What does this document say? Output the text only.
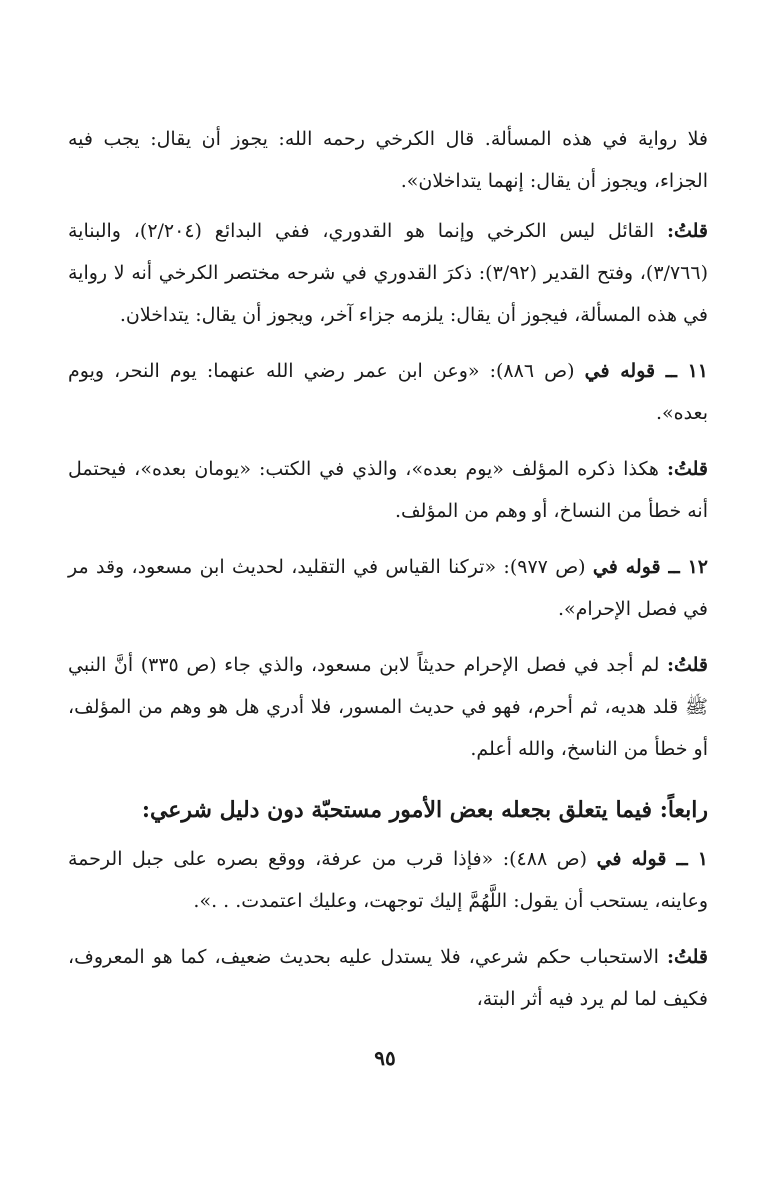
فلا رواية في هذه المسألة. قال الكرخي رحمه الله: يجوز أن يقال: يجب فيه الجزاء، ويجوز أن يقال: إنهما يتداخلان».

قلتُ: القائل ليس الكرخي وإنما هو القدوري، ففي البدائع (٢/٢٠٤)، والبناية (٣/٧٦٦)، وفتح القدير (٣/٩٢): ذكرَ القدوري في شرحه مختصر الكرخي أنه لا رواية في هذه المسألة، فيجوز أن يقال: يلزمه جزاء آخر، ويجوز أن يقال: يتداخلان.

١١ ــ قوله في (ص ٨٨٦): «وعن ابن عمر رضي الله عنهما: يوم النحر، ويوم بعده».

قلتُ: هكذا ذكره المؤلف «يوم بعده»، والذي في الكتب: «يومان بعده»، فيحتمل أنه خطأ من النساخ، أو وهم من المؤلف.

١٢ ــ قوله في (ص ٩٧٧): «تركنا القياس في التقليد، لحديث ابن مسعود، وقد مر في فصل الإحرام».

قلتُ: لم أجد في فصل الإحرام حديثاً لابن مسعود، والذي جاء (ص ٣٣٥) أنَّ النبي ﷺ قلد هديه، ثم أحرم، فهو في حديث المسور، فلا أدري هل هو وهم من المؤلف، أو خطأ من الناسخ، والله أعلم.

رابعاً: فيما يتعلق بجعله بعض الأمور مستحبّة دون دليل شرعي:

١ ــ قوله في (ص ٤٨٨): «فإذا قرب من عرفة، ووقع بصره على جبل الرحمة وعاينه، يستحب أن يقول: اللَّهُمَّ إليك توجهت، وعليك اعتمدت. . .».

قلتُ: الاستحباب حكم شرعي، فلا يستدل عليه بحديث ضعيف، كما هو المعروف، فكيف لما لم يرد فيه أثر البتة،

٩٥
